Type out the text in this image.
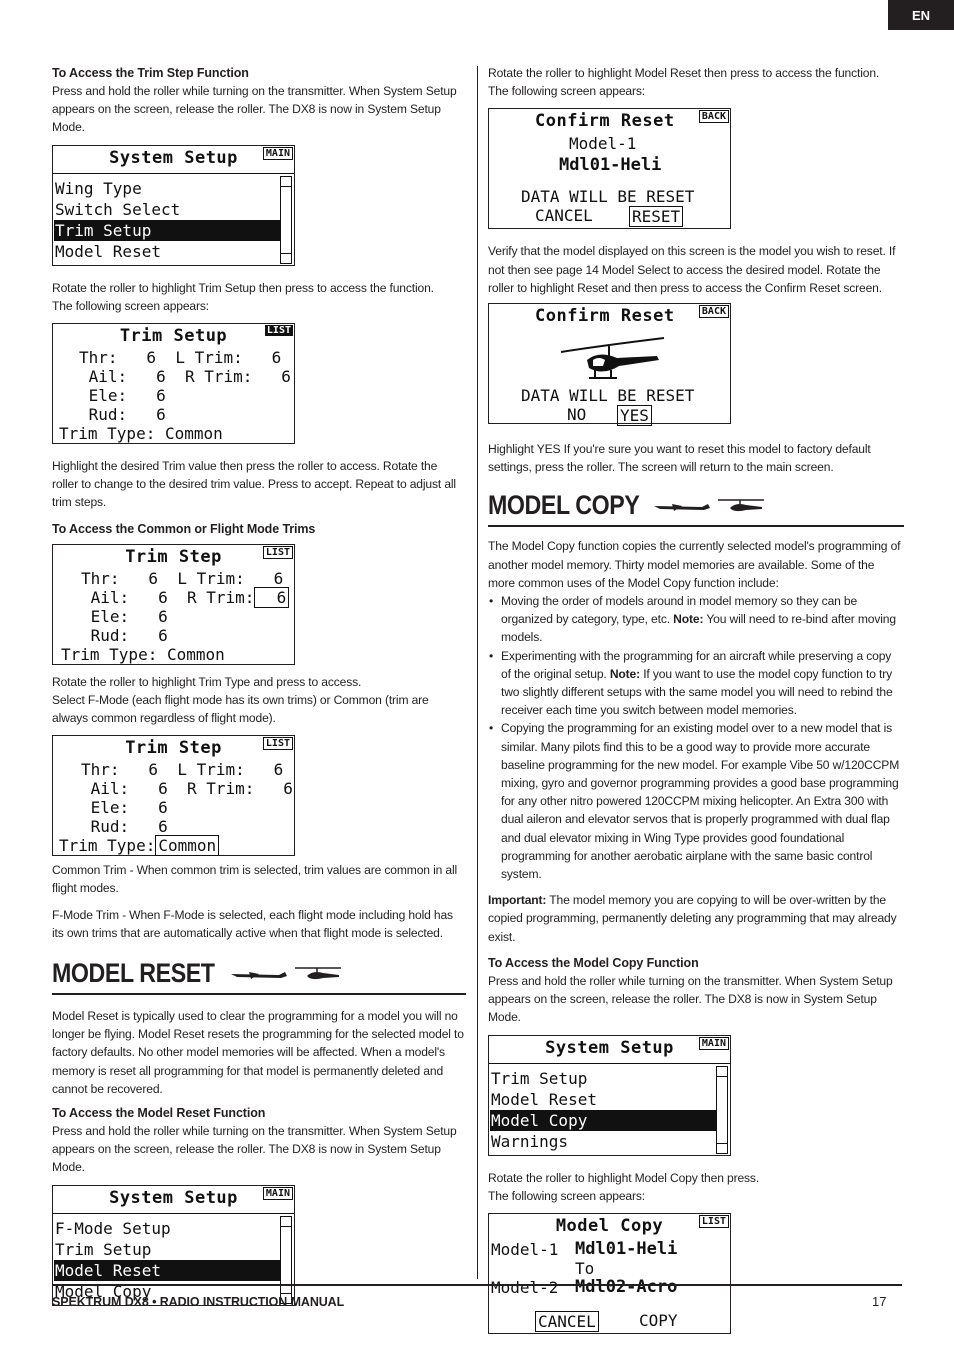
EN

To Access the Trim Step Function

Press and hold the roller while turning on the transmitter. When System Setup appears on the screen, release the roller. The DX8 is now in System Setup Mode.

System Setup	MAIN
Wing Type
Switch Select
Trim Setup
Model Reset

Rotate the roller to highlight Trim Setup then press to access the function.

The following screen appears:

Trim Setup	LIST
Thr:   6  L Trim:   6
Ail:   6  R Trim:   6
Ele:   6
Rud:   6
Trim Type: Common

Highlight the desired Trim value then press the roller to access. Rotate the roller to change to the desired trim value. Press to accept. Repeat to adjust all trim steps.

To Access the Common or Flight Mode Trims

Trim Step	LIST
Thr:   6  L Trim:   6
Ail:   6  R Trim:  6
Ele:   6
Rud:   6
Trim Type: Common

Rotate the roller to highlight Trim Type and press to access.

Select F-Mode (each flight mode has its own trims) or Common (trim are always common regardless of flight mode).

Trim Step	LIST
Thr:   6  L Trim:   6
Ail:   6  R Trim:   6
Ele:   6
Rud:   6
Trim Type: Common

Common Trim - When common trim is selected, trim values are common in all flight modes.

F-Mode Trim - When F-Mode is selected, each flight mode including hold has its own trims that are automatically active when that flight mode is selected.

MODEL RESET

Model Reset is typically used to clear the programming for a model you will no longer be flying. Model Reset resets the programming for the selected model to factory defaults. No other model memories will be affected. When a model's memory is reset all programming for that model is permanently deleted and cannot be recovered.

To Access the Model Reset Function

Press and hold the roller while turning on the transmitter. When System Setup appears on the screen, release the roller. The DX8 is now in System Setup Mode.

System Setup	MAIN
F-Mode Setup
Trim Setup
Model Reset
Model Copy

Rotate the roller to highlight Model Reset then press to access the function.

The following screen appears:

Confirm Reset	BACK
Model-1
Mdl01-Heli
DATA WILL BE RESET
CANCEL RESET

Verify that the model displayed on this screen is the model you wish to reset. If not then see page 14 Model Select to access the desired model. Rotate the roller to highlight Reset and then press to access the Confirm Reset screen.

Confirm Reset	BACK
DATA WILL BE RESET
NO YES

Highlight YES If you're sure you want to reset this model to factory default settings, press the roller. The screen will return to the main screen.

MODEL COPY

The Model Copy function copies the currently selected model's programming of another model memory. Thirty model memories are available. Some of the more common uses of the Model Copy function include:

• Moving the order of models around in model memory so they can be organized by category, type, etc. Note: You will need to re-bind after moving models.
• Experimenting with the programming for an aircraft while preserving a copy of the original setup. Note: If you want to use the model copy function to try two slightly different setups with the same model you will need to rebind the receiver each time you switch between model memories.
• Copying the programming for an existing model over to a new model that is similar. Many pilots find this to be a good way to provide more accurate baseline programming for the new model. For example Vibe 50 w/120CCPM mixing, gyro and governor programming provides a good base programming for any other nitro powered 120CCPM mixing helicopter. An Extra 300 with dual aileron and elevator servos that is properly programmed with dual flap and dual elevator mixing in Wing Type provides good foundational programming for another aerobatic airplane with the same basic control system.

Important: The model memory you are copying to will be over-written by the copied programming, permanently deleting any programming that may already exist.

To Access the Model Copy Function

Press and hold the roller while turning on the transmitter. When System Setup appears on the screen, release the roller. The DX8 is now in System Setup Mode.

System Setup	MAIN
Trim Setup
Model Reset
Model Copy
Warnings

Rotate the roller to highlight Model Copy then press.

The following screen appears:

Model Copy	LIST
Model-1 Mdl01-Heli
To
Model-2 Mdl02-Acro
CANCEL	COPY
SPEKTRUM DX8 • RADIO INSTRUCTION MANUAL	17
